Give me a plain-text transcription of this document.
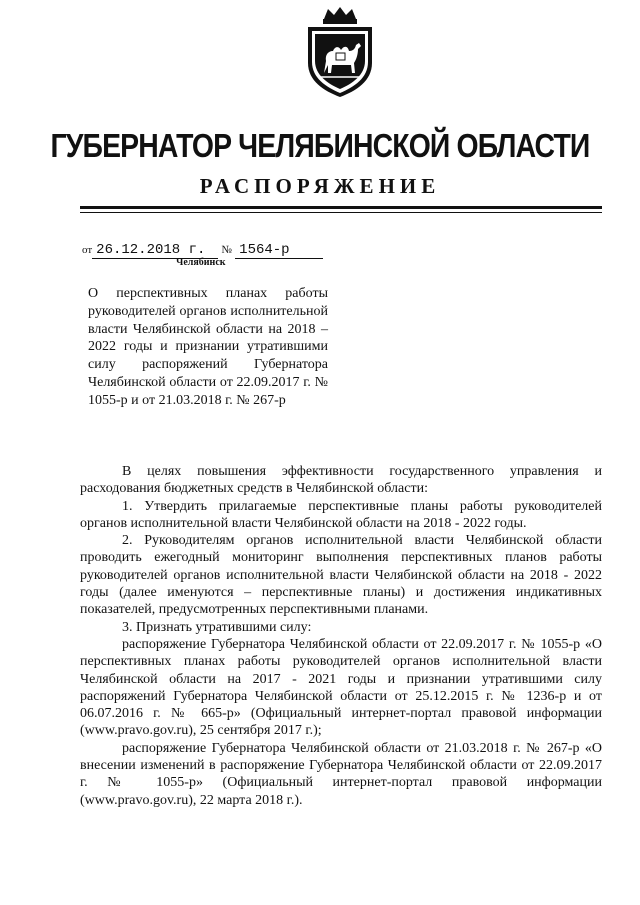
ГУБЕРНАТОР ЧЕЛЯБИНСКОЙ ОБЛАСТИ
РАСПОРЯЖЕНИЕ
от 26.12.2018 г. № 1564-р
Челябинск
О перспективных планах работы руководителей органов исполнительной власти Челябинской области на 2018 – 2022 годы и признании утратившими силу распоряжений Губернатора Челябинской области от 22.09.2017 г. № 1055-р и от 21.03.2018 г. № 267-р

В целях повышения эффективности государственного управления и расходования бюджетных средств в Челябинской области:

1. Утвердить прилагаемые перспективные планы работы руководителей органов исполнительной власти Челябинской области на 2018 - 2022 годы.

2. Руководителям органов исполнительной власти Челябинской области проводить ежегодный мониторинг выполнения перспективных планов работы руководителей органов исполнительной власти Челябинской области на 2018 - 2022 годы (далее именуются – перспективные планы) и достижения индикативных показателей, предусмотренных перспективными планами.

3. Признать утратившими силу:

распоряжение Губернатора Челябинской области от 22.09.2017 г. № 1055-р «О перспективных планах работы руководителей органов исполнительной власти Челябинской области на 2017 - 2021 годы и признании утратившими силу распоряжений Губернатора Челябинской области от 25.12.2015 г. № 1236-р и от 06.07.2016 г. № 665-р» (Официальный интернет-портал правовой информации (www.pravo.gov.ru), 25 сентября 2017 г.);

распоряжение Губернатора Челябинской области от 21.03.2018 г. № 267-р «О внесении изменений в распоряжение Губернатора Челябинской области от 22.09.2017 г. № 1055-р» (Официальный интернет-портал правовой информации (www.pravo.gov.ru), 22 марта 2018 г.).
